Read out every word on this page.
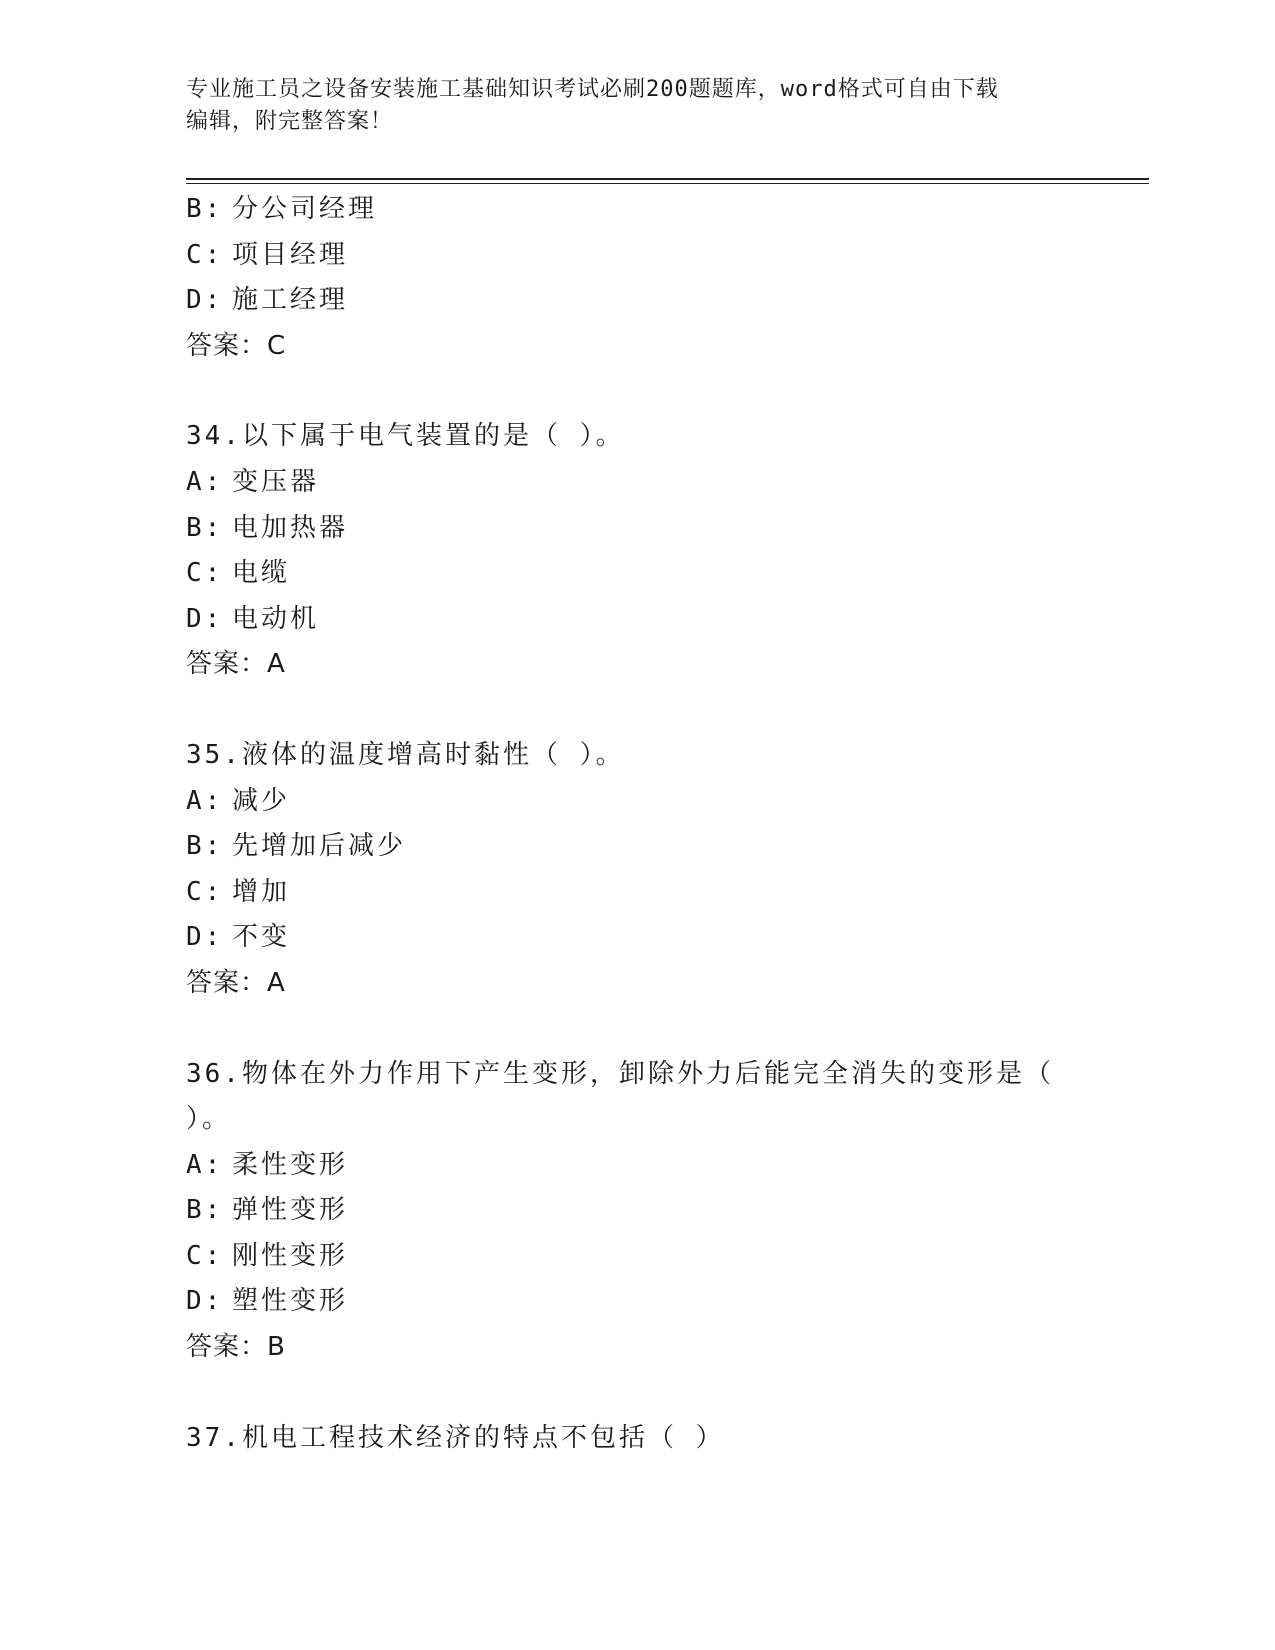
专业施工员之设备安装施工基础知识考试必刷200题题库，word格式可自由下载
编辑，附完整答案！
B: 分公司经理
C: 项目经理
D: 施工经理
答案：C
34.以下属于电气装置的是（ ）。
A: 变压器
B: 电加热器
C: 电缆
D: 电动机
答案：A
35.液体的温度增高时黏性（ ）。
A: 减少
B: 先增加后减少
C: 增加
D: 不变
答案：A
36.物体在外力作用下产生变形，卸除外力后能完全消失的变形是（
）。
A: 柔性变形
B: 弹性变形
C: 刚性变形
D: 塑性变形
答案：B
37.机电工程技术经济的特点不包括（ ）
